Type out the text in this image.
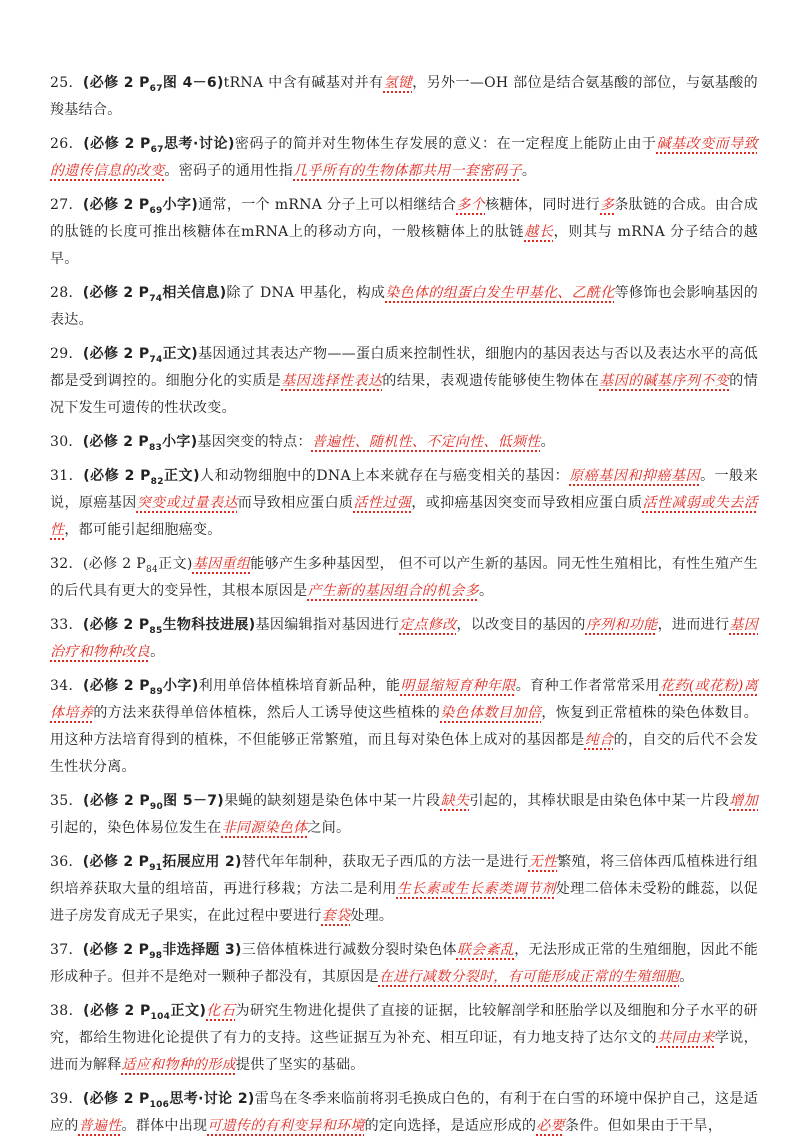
25．(必修 2 $P_{67}$图 4－6)tRNA 中含有碱基对并有氢键，另外一—OH 部位是结合氨基酸的部位，与氨基酸的羧基结合。

26．(必修 2 $P_{67}$思考·讨论)密码子的简并对生物体生存发展的意义：在一定程度上能防止由于碱基改变而导致的遗传信息的改变。密码子的通用性指几乎所有的生物体都共用一套密码子。

27．(必修 2 $P_{69}$小字)通常，一个 mRNA 分子上可以相继结合多个核糖体，同时进行多条肽链的合成。由合成的肽链的长度可推出核糖体在mRNA上的移动方向，一般核糖体上的肽链越长，则其与 mRNA 分子结合的越早。

28．(必修 2 $P_{74}$相关信息)除了 DNA 甲基化，构成染色体的组蛋白发生甲基化、乙酰化等修饰也会影响基因的表达。

29．(必修 2 $P_{74}$正文)基因通过其表达产物——蛋白质来控制性状，细胞内的基因表达与否以及表达水平的高低都是受到调控的。细胞分化的实质是基因选择性表达的结果，表观遗传能够使生物体在基因的碱基序列不变的情况下发生可遗传的性状改变。

30．(必修 2 $P_{83}$小字)基因突变的特点：普遍性、随机性、不定向性、低频性。

31．(必修 2 $P_{82}$正文)人和动物细胞中的DNA上本来就存在与癌变相关的基因：原癌基因和抑癌基因。一般来说，原癌基因突变或过量表达而导致相应蛋白质活性过强，或抑癌基因突变而导致相应蛋白质活性减弱或失去活性，都可能引起细胞癌变。

32．(必修 2 $P_{84}$正文)基因重组能够产生多种基因型， 但不可以产生新的基因。同无性生殖相比，有性生殖产生的后代具有更大的变异性，其根本原因是产生新的基因组合的机会多。

33．(必修 2 $P_{85}$生物科技进展)基因编辑指对基因进行定点修改，以改变目的基因的序列和功能，进而进行基因治疗和物种改良。

34．(必修 2 $P_{89}$小字)利用单倍体植株培育新品种，能明显缩短育种年限。育种工作者常常采用花药(或花粉)离体培养的方法来获得单倍体植株，然后人工诱导使这些植株的染色体数目加倍，恢复到正常植株的染色体数目。用这种方法培育得到的植株，不但能够正常繁殖，而且每对染色体上成对的基因都是纯合的，自交的后代不会发生性状分离。

35．(必修 2 $P_{90}$图 5－7)果蝇的缺刻翅是染色体中某一片段缺失引起的，其棒状眼是由染色体中某一片段增加引起的，染色体易位发生在非同源染色体之间。

36．(必修 2 $P_{91}$拓展应用 2)替代年年制种，获取无子西瓜的方法一是进行无性繁殖，将三倍体西瓜植株进行组织培养获取大量的组培苗，再进行移栽；方法二是利用生长素或生长素类调节剂处理二倍体未受粉的雌蕊，以促进子房发育成无子果实，在此过程中要进行套袋处理。

37．(必修 2 $P_{98}$非选择题 3)三倍体植株进行减数分裂时染色体联会紊乱，无法形成正常的生殖细胞，因此不能形成种子。但并不是绝对一颗种子都没有，其原因是在进行减数分裂时，有可能形成正常的生殖细胞。

38．(必修 2 $P_{104}$正文)化石为研究生物进化提供了直接的证据，比较解剖学和胚胎学以及细胞和分子水平的研究，都给生物进化论提供了有力的支持。这些证据互为补充、相互印证，有力地支持了达尔文的共同由来学说，进而为解释适应和物种的形成提供了坚实的基础。

39．(必修 2 $P_{106}$思考·讨论 2)雷鸟在冬季来临前将羽毛换成白色的，有利于在白雪的环境中保护自己，这是适应的普遍性。群体中出现可遗传的有利变异和环境的定向选择，是适应形成的必要条件。但如果由于干旱，
